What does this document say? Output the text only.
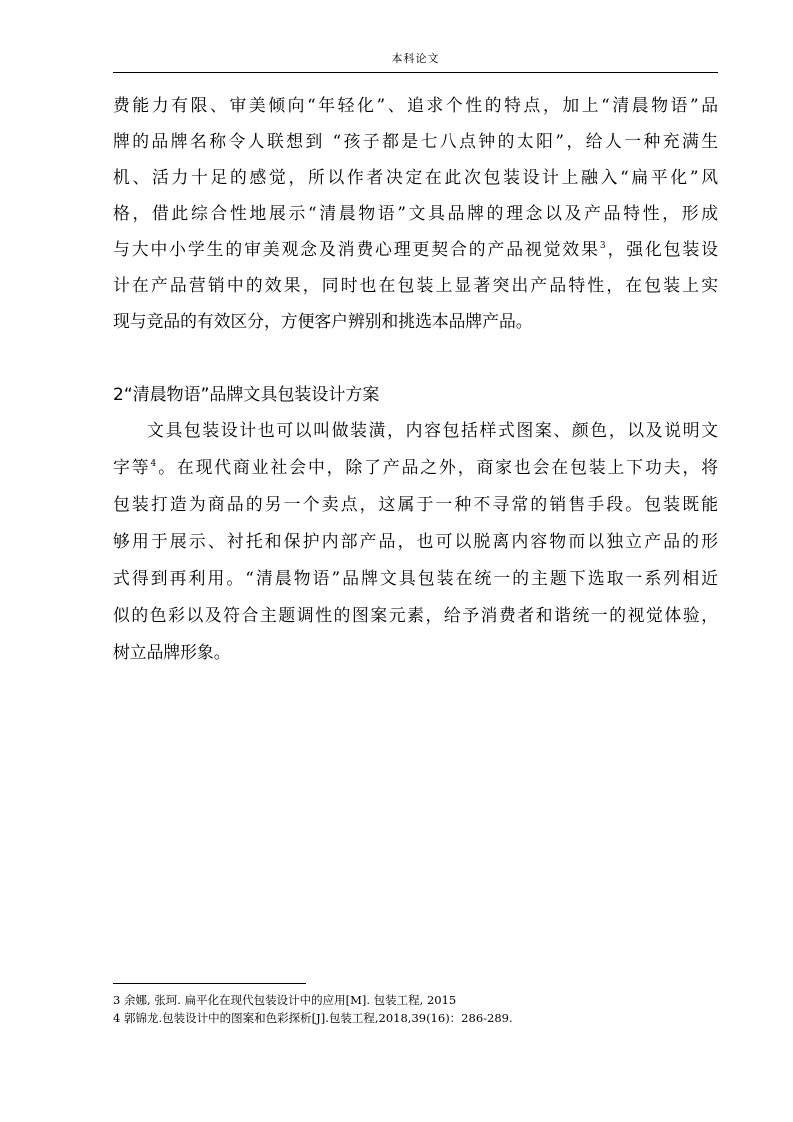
本科论文
费能力有限、审美倾向“年轻化”、追求个性的特点，加上“清晨物语”品
牌的品牌名称令人联想到 “孩子都是七八点钟的太阳”，给人一种充满生
机、活力十足的感觉，所以作者决定在此次包装设计上融入“扁平化”风
格，借此综合性地展示“清晨物语”文具品牌的理念以及产品特性，形成
与大中小学生的审美观念及消费心理更契合的产品视觉效果$^3$，强化包装设
计在产品营销中的效果，同时也在包装上显著突出产品特性，在包装上实
现与竞品的有效区分，方便客户辨别和挑选本品牌产品。
2“清晨物语”品牌文具包装设计方案
文具包装设计也可以叫做装潢，内容包括样式图案、颜色，以及说明文
字等$^4$。在现代商业社会中，除了产品之外，商家也会在包装上下功夫，将
包装打造为商品的另一个卖点，这属于一种不寻常的销售手段。包装既能
够用于展示、衬托和保护内部产品，也可以脱离内容物而以独立产品的形
式得到再利用。“清晨物语”品牌文具包装在统一的主题下选取一系列相近
似的色彩以及符合主题调性的图案元素，给予消费者和谐统一的视觉体验，
树立品牌形象。
3 余娜, 张珂. 扁平化在现代包装设计中的应用[M]. 包装工程, 2015
4 郭锦龙.包装设计中的图案和色彩探析[J].包装工程,2018,39(16)：286-289.
